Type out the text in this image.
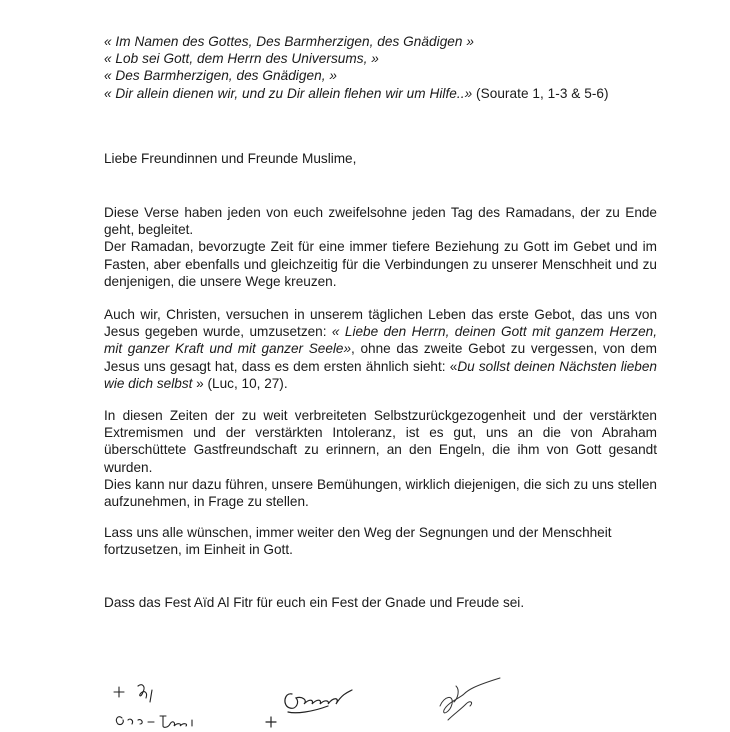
« Im Namen des Gottes, Des Barmherzigen, des Gnädigen »
« Lob sei Gott, dem Herrn des Universums, »
« Des Barmherzigen, des Gnädigen, »
« Dir allein dienen wir, und zu Dir allein flehen wir um Hilfe..» (Sourate 1, 1-3 & 5-6)
Liebe Freundinnen und Freunde Muslime,
Diese Verse haben jeden von euch zweifelsohne jeden Tag des Ramadans, der zu Ende geht, begleitet.
Der Ramadan, bevorzugte Zeit für eine immer tiefere Beziehung zu Gott im Gebet und im Fasten, aber ebenfalls und gleichzeitig für die Verbindungen zu unserer Menschheit und zu denjenigen, die unsere Wege kreuzen.
Auch wir, Christen, versuchen in unserem täglichen Leben das erste Gebot, das uns von Jesus gegeben wurde, umzusetzen: « Liebe den Herrn, deinen Gott mit ganzem Herzen, mit ganzer Kraft und mit ganzer Seele», ohne das zweite Gebot zu vergessen, von dem Jesus uns gesagt hat, dass es dem ersten ähnlich sieht: «Du sollst deinen Nächsten lieben wie dich selbst » (Luc, 10, 27).
In diesen Zeiten der zu weit verbreiteten Selbstzurückgezogenheit und der verstärkten Extremismen und der verstärkten Intoleranz, ist es gut, uns an die von Abraham überschüttete Gastfreundschaft zu erinnern, an den Engeln, die ihm von Gott gesandt wurden.
Dies kann nur dazu führen, unsere Bemühungen, wirklich diejenigen, die sich zu uns stellen aufzunehmen, in Frage zu stellen.
Lass uns alle wünschen, immer weiter den Weg der Segnungen und der Menschheit fortzusetzen, im Einheit in Gott.
Dass das Fest Aïd Al Fitr für euch ein Fest der Gnade und Freude sei.
